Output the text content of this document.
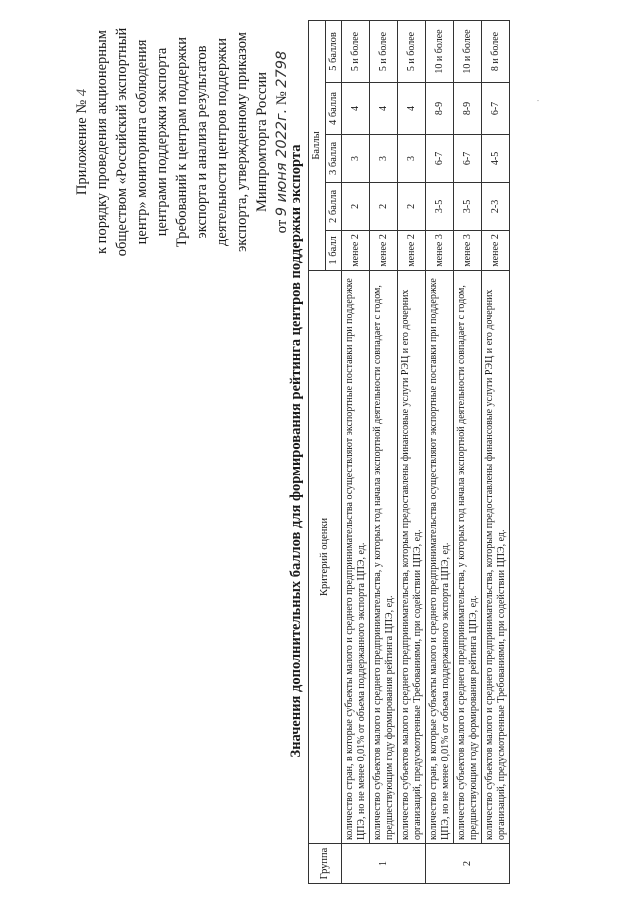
Приложение № 4 к порядку проведения акционерным обществом «Российский экспортный центр» мониторинга соблюдения центрами поддержки экспорта Требований к центрам поддержки экспорта и анализа результатов деятельности центров поддержки экспорта, утвержденному приказом Минпромторга России
от 9 июня 2022г. № 2798
Значения дополнительных баллов для формирования рейтинга центров поддержки экспорта
Группа	Критерий оценки	Баллы				
		1 балл	2 балла	3 балла	4 балла	5 баллов
1	количество стран, в которые субъекты малого и среднего предпринимательства осуществляют экспортные поставки при поддержке ЦПЭ, но не менее 0,01% от объема поддержанного экспорта ЦПЭ, ед.	менее 2	2	3	4	5 и более
	количество субъектов малого и среднего предпринимательства, у которых год начала экспортной деятельности совпадает с годом, предшествующим году формирования рейтинга ЦПЭ, ед.	менее 2	2	3	4	5 и более
	количество субъектов малого и среднего предпринимательства, которым предоставлены финансовые услуги РЭЦ и его дочерних организаций, предусмотренные Требованиями, при содействии ЦПЭ, ед.	менее 2	2	3	4	5 и более
2	количество стран, в которые субъекты малого и среднего предпринимательства осуществляют экспортные поставки при поддержке ЦПЭ, но не менее 0,01% от объема поддержанного экспорта ЦПЭ, ед.	менее 3	3-5	6-7	8-9	10 и более
	количество субъектов малого и среднего предпринимательства, у которых год начала экспортной деятельности совпадает с годом, предшествующим году формирования рейтинга ЦПЭ, ед.	менее 3	3-5	6-7	8-9	10 и более
	количество субъектов малого и среднего предпринимательства, которым предоставлены финансовые услуги РЭЦ и его дочерних организаций, предусмотренные Требованиями, при содействии ЦПЭ, ед.	менее 2	2-3	4-5	6-7	8 и более
·
